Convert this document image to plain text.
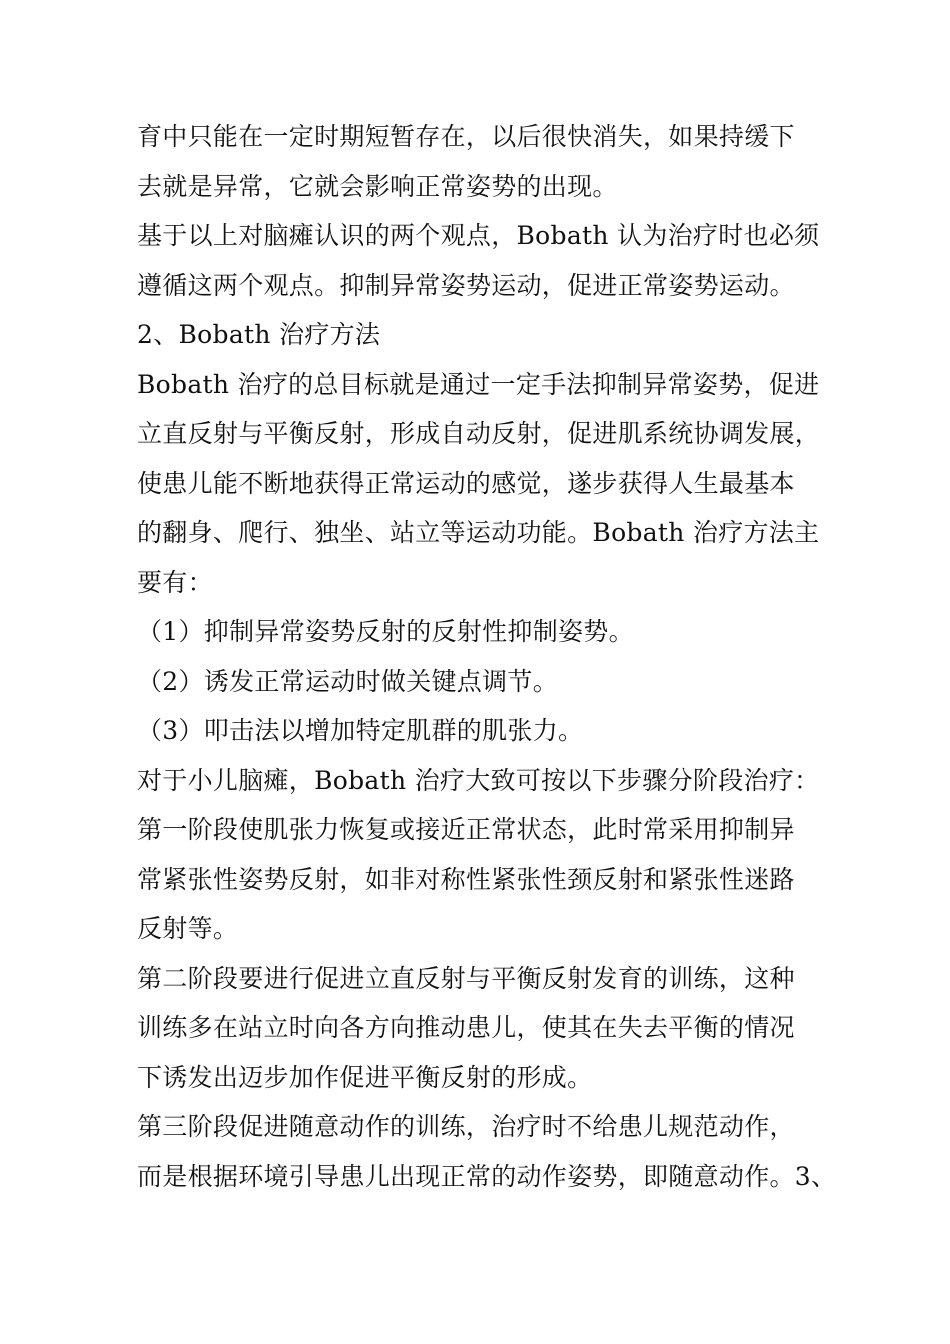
育中只能在一定时期短暂存在，以后很快消失，如果持缓下
去就是异常，它就会影响正常姿势的出现。
基于以上对脑瘫认识的两个观点，Bobath 认为治疗时也必须
遵循这两个观点。抑制异常姿势运动，促进正常姿势运动。
2、Bobath 治疗方法
Bobath 治疗的总目标就是通过一定手法抑制异常姿势，促进
立直反射与平衡反射，形成自动反射，促进肌系统协调发展，
使患儿能不断地获得正常运动的感觉，遂步获得人生最基本
的翻身、爬行、独坐、站立等运动功能。Bobath 治疗方法主
要有：
（1）抑制异常姿势反射的反射性抑制姿势。
（2）诱发正常运动时做关键点调节。
（3）叩击法以增加特定肌群的肌张力。
对于小儿脑瘫，Bobath 治疗大致可按以下步骤分阶段治疗：
第一阶段使肌张力恢复或接近正常状态，此时常采用抑制异
常紧张性姿势反射，如非对称性紧张性颈反射和紧张性迷路
反射等。
第二阶段要进行促进立直反射与平衡反射发育的训练，这种
训练多在站立时向各方向推动患儿，使其在失去平衡的情况
下诱发出迈步加作促进平衡反射的形成。
第三阶段促进随意动作的训练，治疗时不给患儿规范动作，
而是根据环境引导患儿出现正常的动作姿势，即随意动作。3、
